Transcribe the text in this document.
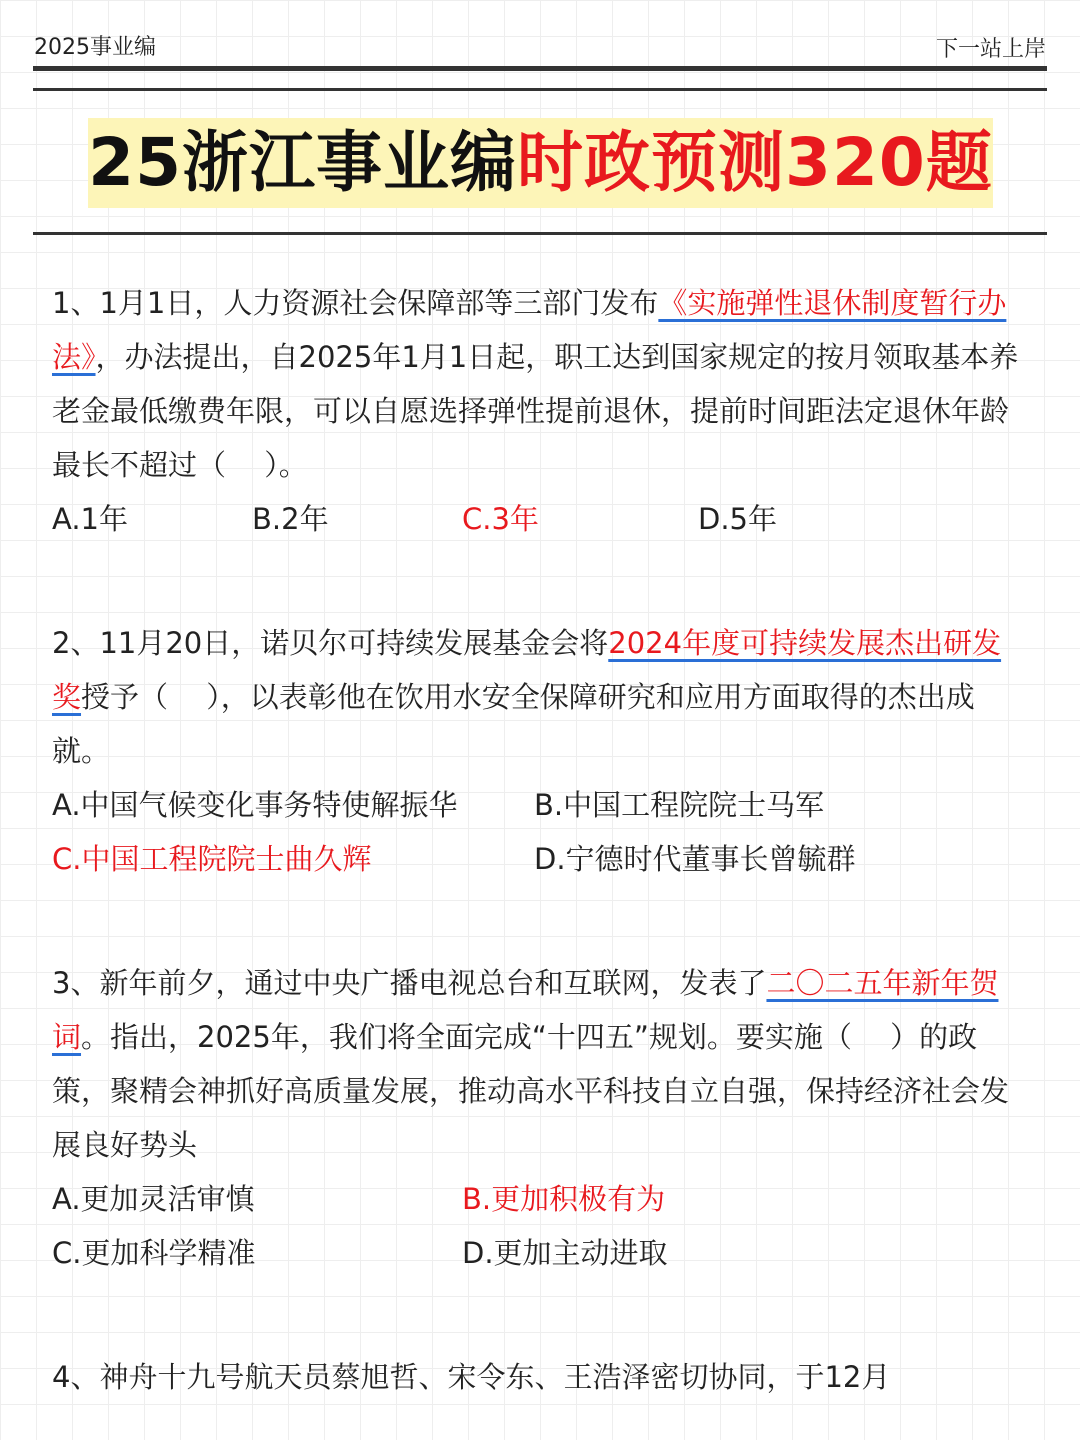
2025事业编	下一站上岸
25浙江事业编时政预测320题
1、1月1日，人力资源社会保障部等三部门发布《实施弹性退休制度暂行办法》，办法提出，自2025年1月1日起，职工达到国家规定的按月领取基本养老金最低缴费年限，可以自愿选择弹性提前退休，提前时间距法定退休年龄最长不超过（　 ）。
A.1年	B.2年	C.3年	D.5年
2、11月20日，诺贝尔可持续发展基金会将2024年度可持续发展杰出研发奖授予（　 ），以表彰他在饮用水安全保障研究和应用方面取得的杰出成就。
A.中国气候变化事务特使解振华	B.中国工程院院士马军
C.中国工程院院士曲久辉	D.宁德时代董事长曾毓群
3、新年前夕，通过中央广播电视总台和互联网，发表了二〇二五年新年贺词。指出，2025年，我们将全面完成“十四五”规划。要实施（　 ）的政策，聚精会神抓好高质量发展，推动高水平科技自立自强，保持经济社会发展良好势头
A.更加灵活审慎	B.更加积极有为
C.更加科学精准	D.更加主动进取
4、神舟十九号航天员蔡旭哲、宋令东、王浩泽密切协同，于12月
